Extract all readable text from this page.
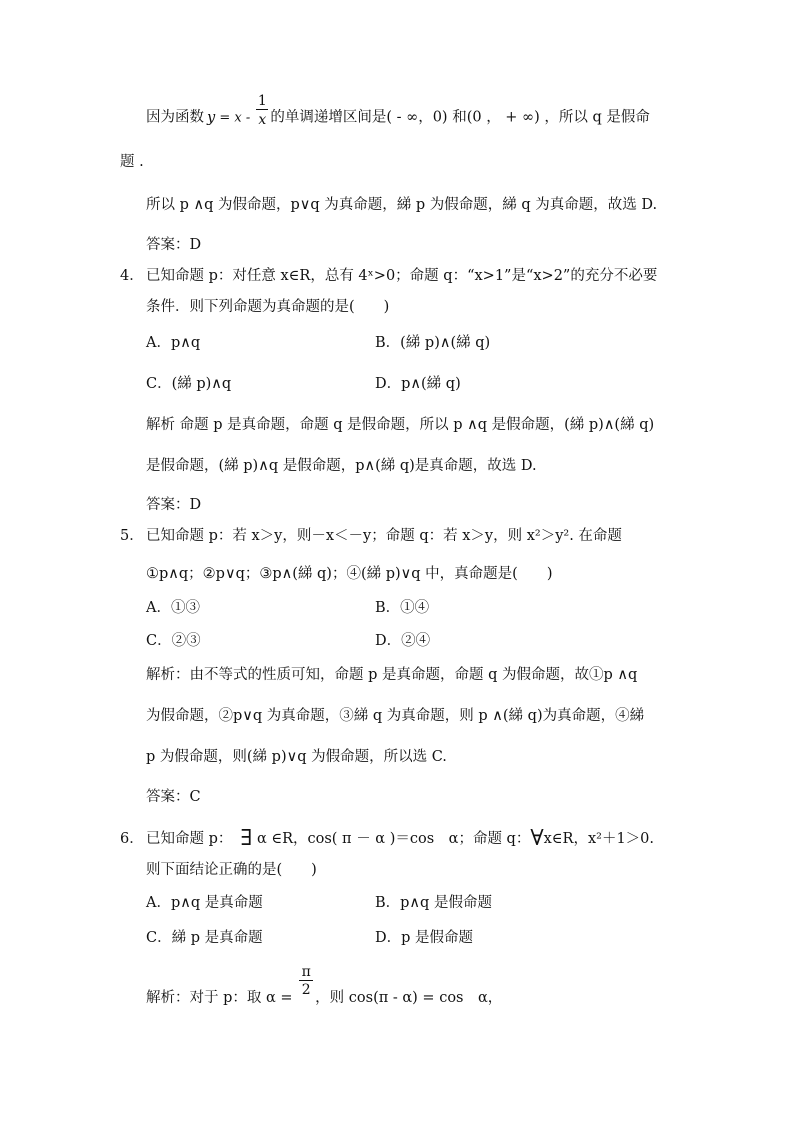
因为函数 $y = x - \frac{1}{x}$ 的单调递增区间是( - ∞，0) 和(0 ， + ∞) ，所以 q 是假命
题 .
所以 p ∧q 为假命题，p∨q 为真命题，綈 p 为假命题，綈 q 为真命题，故选 D.
答案：D
4． 已知命题 p：对任意 x∈R，总有 4ˣ>0；命题 q：“x>1”是“x>2”的充分不必要
条件．则下列命题为真命题的是(　　)
A．p∧q	B．(綈 p)∧(綈 q)
C．(綈 p)∧q	D．p∧(綈 q)
解析 命题 p 是真命题，命题 q 是假命题，所以 p ∧q 是假命题，(綈 p)∧(綈 q)
是假命题，(綈 p)∧q 是假命题，p∧(綈 q)是真命题，故选 D.
答案：D
5． 已知命题 p：若 x＞y，则－x＜－y；命题 q：若 x＞y，则 x²＞y². 在命题
①p∧q；②p∨q；③p∧(綈 q)；④(綈 p)∨q 中，真命题是(　　)
A．①③	B．①④
C．②③	D．②④
解析：由不等式的性质可知，命题 p 是真命题，命题 q 为假命题，故①p ∧q
为假命题，②p∨q 为真命题，③綈 q 为真命题，则 p ∧(綈 q)为真命题，④綈
p 为假命题，则(綈 p)∨q 为假命题，所以选 C.
答案：C
6． 已知命题 p： ∃ α ∈R，cos( π － α )＝cos　α；命题 q：∀x∈R，x²＋1＞0.
则下面结论正确的是(　　)
A．p∧q 是真命题	B．p∧q 是假命题
C．綈 p 是真命题	D．p 是假命题
解析：对于 p：取 $\alpha = \frac{\pi}{2}$ ，则 cos(π - α) = cos　α，
